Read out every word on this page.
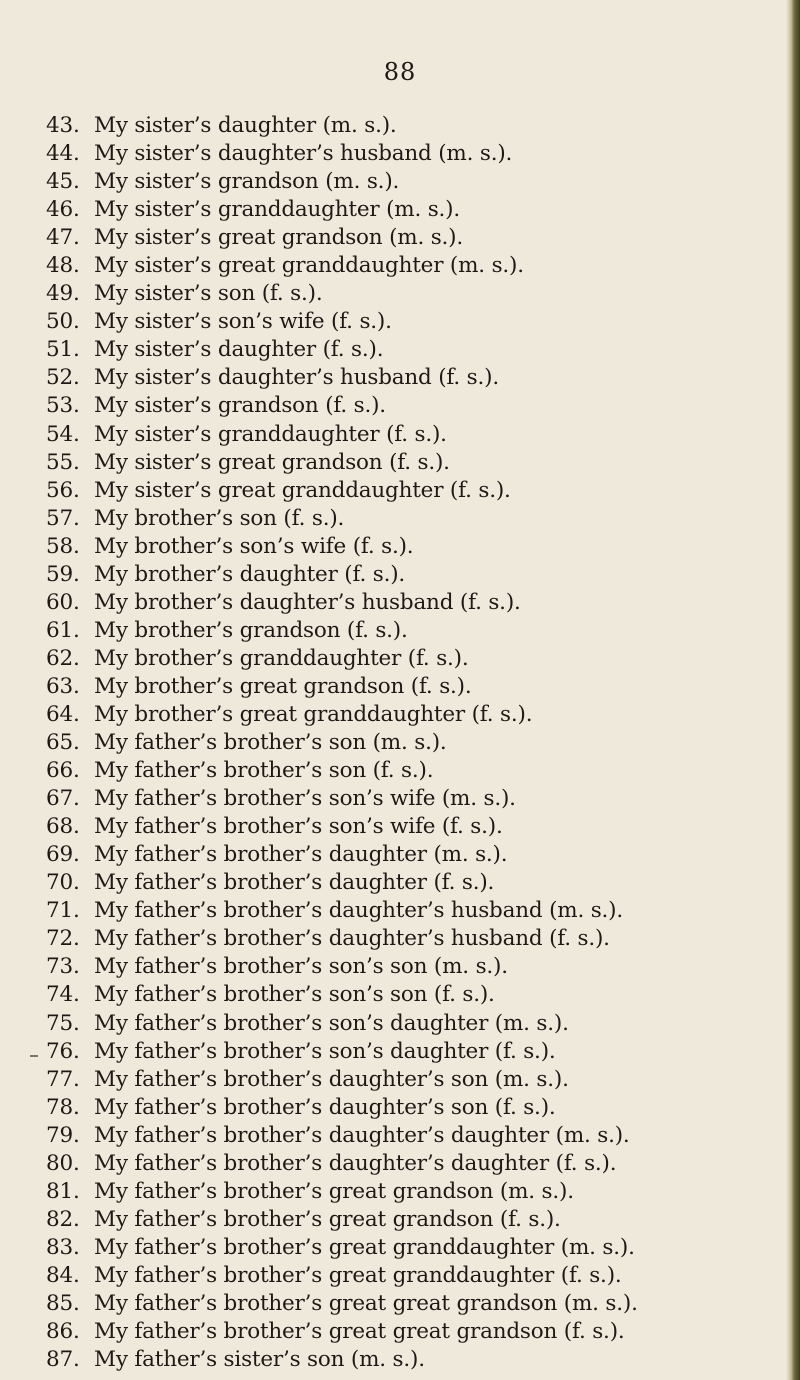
88
43. My sister’s daughter (m. s.).
44. My sister’s daughter’s husband (m. s.).
45. My sister’s grandson (m. s.).
46. My sister’s granddaughter (m. s.).
47. My sister’s great grandson (m. s.).
48. My sister’s great granddaughter (m. s.).
49. My sister’s son (f. s.).
50. My sister’s son’s wife (f. s.).
51. My sister’s daughter (f. s.).
52. My sister’s daughter’s husband (f. s.).
53. My sister’s grandson (f. s.).
54. My sister’s granddaughter (f. s.).
55. My sister’s great grandson (f. s.).
56. My sister’s great granddaughter (f. s.).
57. My brother’s son (f. s.).
58. My brother’s son’s wife (f. s.).
59. My brother’s daughter (f. s.).
60. My brother’s daughter’s husband (f. s.).
61. My brother’s grandson (f. s.).
62. My brother’s granddaughter (f. s.).
63. My brother’s great grandson (f. s.).
64. My brother’s great granddaughter (f. s.).
65. My father’s brother’s son (m. s.).
66. My father’s brother’s son (f. s.).
67. My father’s brother’s son’s wife (m. s.).
68. My father’s brother’s son’s wife (f. s.).
69. My father’s brother’s daughter (m. s.).
70. My father’s brother’s daughter (f. s.).
71. My father’s brother’s daughter’s husband (m. s.).
72. My father’s brother’s daughter’s husband (f. s.).
73. My father’s brother’s son’s son (m. s.).
74. My father’s brother’s son’s son (f. s.).
75. My father’s brother’s son’s daughter (m. s.).
76. My father’s brother’s son’s daughter (f. s.).
77. My father’s brother’s daughter’s son (m. s.).
78. My father’s brother’s daughter’s son (f. s.).
79. My father’s brother’s daughter’s daughter (m. s.).
80. My father’s brother’s daughter’s daughter (f. s.).
81. My father’s brother’s great grandson (m. s.).
82. My father’s brother’s great grandson (f. s.).
83. My father’s brother’s great granddaughter (m. s.).
84. My father’s brother’s great granddaughter (f. s.).
85. My father’s brother’s great great grandson (m. s.).
86. My father’s brother’s great great grandson (f. s.).
87. My father’s sister’s son (m. s.).
